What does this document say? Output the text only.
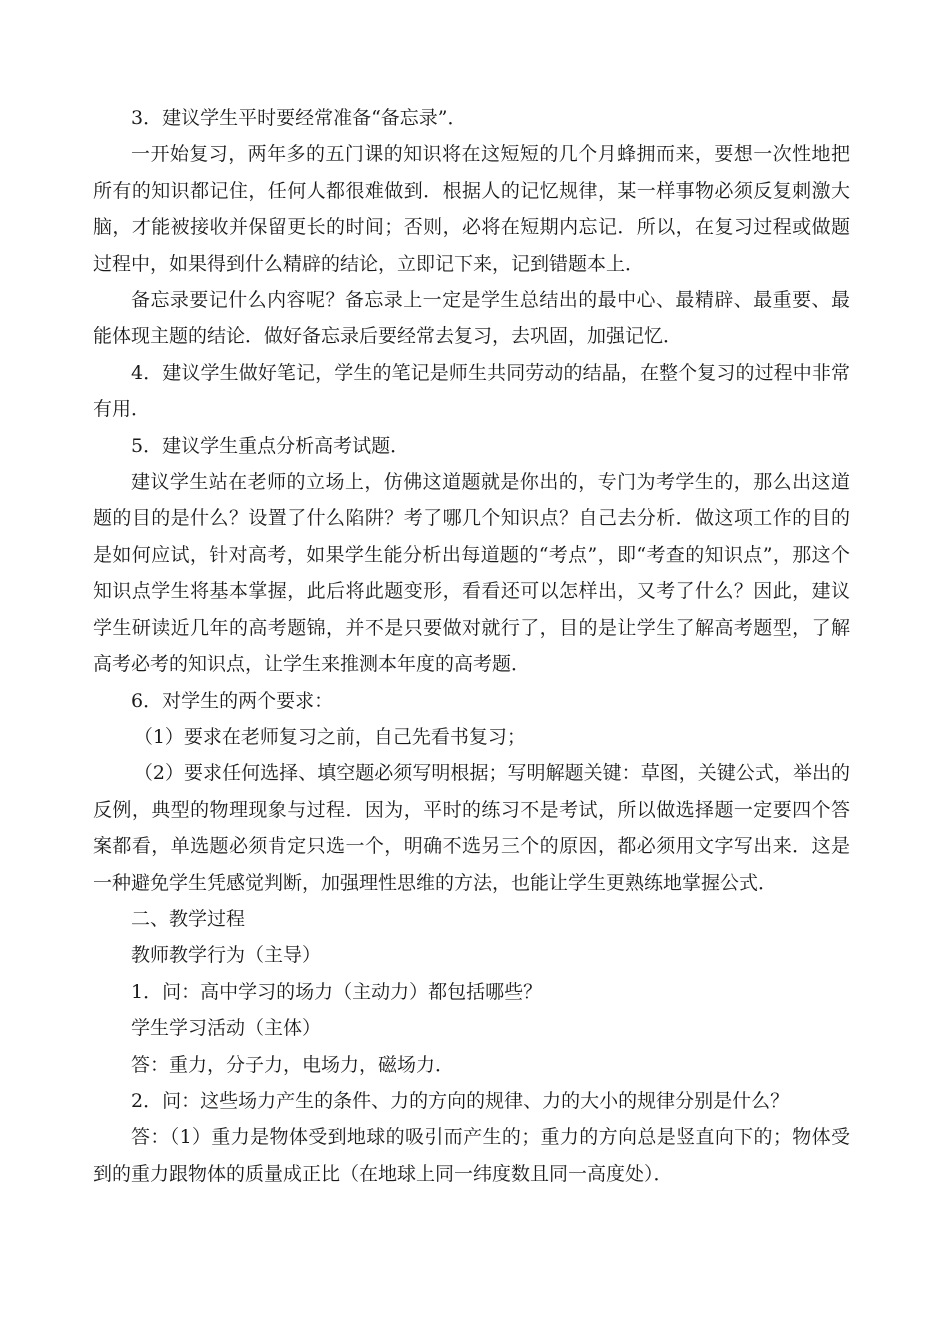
3．建议学生平时要经常准备“备忘录”．

一开始复习，两年多的五门课的知识将在这短短的几个月蜂拥而来，要想一次性地把所有的知识都记住，任何人都很难做到．根据人的记忆规律，某一样事物必须反复刺激大脑，才能被接收并保留更长的时间；否则，必将在短期内忘记．所以，在复习过程或做题过程中，如果得到什么精辟的结论，立即记下来，记到错题本上．

备忘录要记什么内容呢？备忘录上一定是学生总结出的最中心、最精辟、最重要、最能体现主题的结论．做好备忘录后要经常去复习，去巩固，加强记忆．

4．建议学生做好笔记，学生的笔记是师生共同劳动的结晶，在整个复习的过程中非常有用．

5．建议学生重点分析高考试题．

建议学生站在老师的立场上，仿佛这道题就是你出的，专门为考学生的，那么出这道题的目的是什么？设置了什么陷阱？考了哪几个知识点？自己去分析．做这项工作的目的是如何应试，针对高考，如果学生能分析出每道题的“考点”，即“考查的知识点”，那这个知识点学生将基本掌握，此后将此题变形，看看还可以怎样出，又考了什么？因此，建议学生研读近几年的高考题锦，并不是只要做对就行了，目的是让学生了解高考题型，了解高考必考的知识点，让学生来推测本年度的高考题．

6．对学生的两个要求：

（1）要求在老师复习之前，自己先看书复习；

（2）要求任何选择、填空题必须写明根据；写明解题关键：草图，关键公式，举出的反例，典型的物理现象与过程．因为，平时的练习不是考试，所以做选择题一定要四个答案都看，单选题必须肯定只选一个，明确不选另三个的原因，都必须用文字写出来．这是一种避免学生凭感觉判断，加强理性思维的方法，也能让学生更熟练地掌握公式．

二、教学过程

教师教学行为（主导）

1．问：高中学习的场力（主动力）都包括哪些？

学生学习活动（主体）

答：重力，分子力，电场力，磁场力．

2．问：这些场力产生的条件、力的方向的规律、力的大小的规律分别是什么？

答：（1）重力是物体受到地球的吸引而产生的；重力的方向总是竖直向下的；物体受到的重力跟物体的质量成正比（在地球上同一纬度数且同一高度处）．
